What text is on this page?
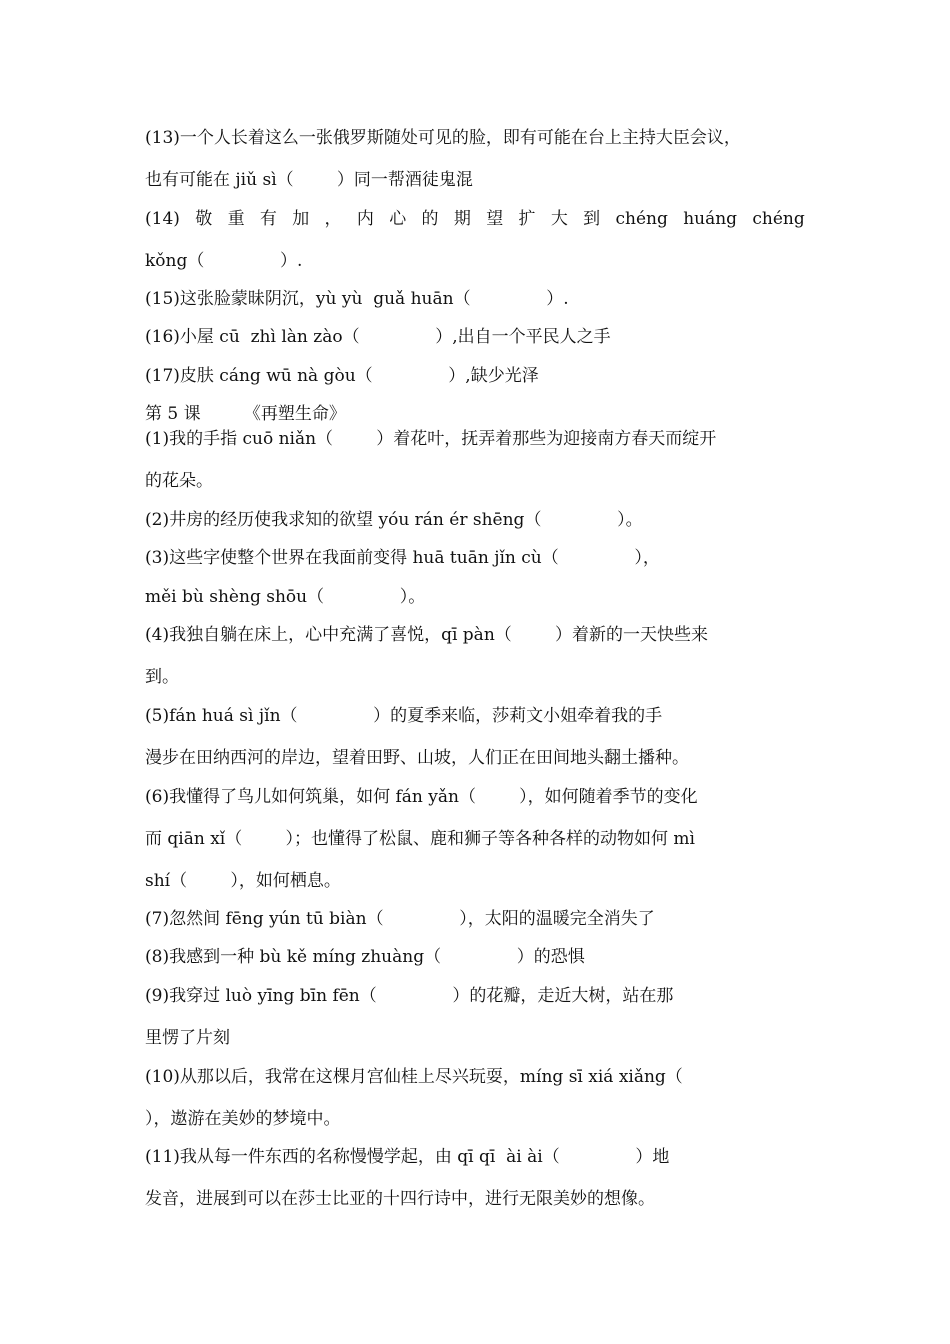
(13)一个人长着这么一张俄罗斯随处可见的脸，即有可能在台上主持大臣会议，
也有可能在 jiǔ sì（        ）同一帮酒徒鬼混
(14) 敬 重 有 加 ， 内 心 的 期 望 扩 大 到 chéng huáng chéng
kǒng（              ）.
(15)这张脸蒙昧阴沉，yù yù  guǎ huān（              ）.
(16)小屋 cū  zhì làn zào（              ）,出自一个平民人之手
(17)皮肤 cáng wū nà gòu（              ）,缺少光泽
第 5 课        《再塑生命》
(1)我的手指 cuō niǎn（        ）着花叶，抚弄着那些为迎接南方春天而绽开
的花朵。
(2)井房的经历使我求知的欲望 yóu rán ér shēng（              ）。
(3)这些字使整个世界在我面前变得 huā tuān jǐn cù（              ），
měi bù shèng shōu（              ）。
(4)我独自躺在床上，心中充满了喜悦，qī pàn（        ）着新的一天快些来
到。
(5)fán huá sì jǐn（              ）的夏季来临，莎莉文小姐牵着我的手
漫步在田纳西河的岸边，望着田野、山坡，人们正在田间地头翻土播种。
(6)我懂得了鸟儿如何筑巢，如何 fán yǎn（        ），如何随着季节的变化
而 qiān xǐ（        ）；也懂得了松鼠、鹿和狮子等各种各样的动物如何 mì
shí（        ），如何栖息。
(7)忽然间 fēng yún tū biàn（              ），太阳的温暖完全消失了
(8)我感到一种 bù kě míng zhuàng（              ）的恐惧
(9)我穿过 luò yīng bīn fēn（              ）的花瓣，走近大树，站在那
里愣了片刻
(10)从那以后，我常在这棵月宫仙桂上尽兴玩耍，míng sī xiá xiǎng（
），遨游在美妙的梦境中。
(11)我从每一件东西的名称慢慢学起，由 qī qī  ài ài（              ）地
发音，进展到可以在莎士比亚的十四行诗中，进行无限美妙的想像。
